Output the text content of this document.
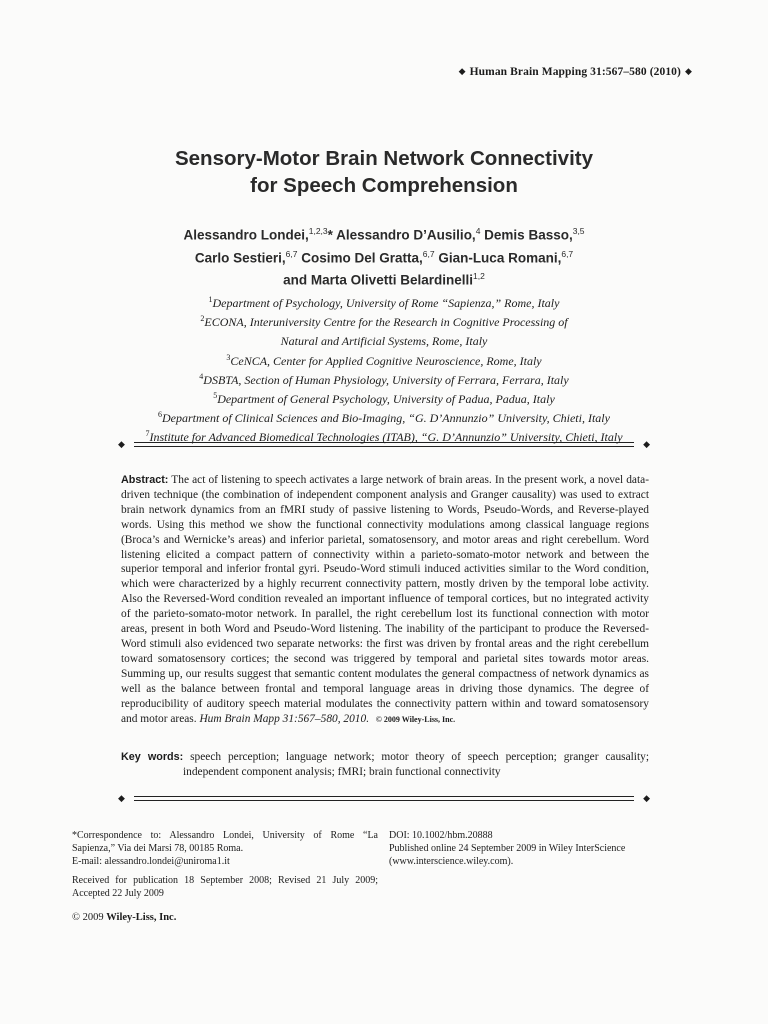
◆ Human Brain Mapping 31:567–580 (2010) ◆
Sensory-Motor Brain Network Connectivity
for Speech Comprehension
Alessandro Londei,$^{1,2,3}$* Alessandro D’Ausilio,$^4$ Demis Basso,$^{3,5}$
Carlo Sestieri,$^{6,7}$ Cosimo Del Gratta,$^{6,7}$ Gian-Luca Romani,$^{6,7}$
and Marta Olivetti Belardinelli$^{1,2}$
$^1$Department of Psychology, University of Rome “Sapienza,” Rome, Italy
$^2$ECONA, Interuniversity Centre for the Research in Cognitive Processing of
Natural and Artificial Systems, Rome, Italy
$^3$CeNCA, Center for Applied Cognitive Neuroscience, Rome, Italy
$^4$DSBTA, Section of Human Physiology, University of Ferrara, Ferrara, Italy
$^5$Department of General Psychology, University of Padua, Padua, Italy
$^6$Department of Clinical Sciences and Bio-Imaging, “G. D’Annunzio” University, Chieti, Italy
$^7$Institute for Advanced Biomedical Technologies (ITAB), “G. D’Annunzio” University, Chieti, Italy
◆	◆
Abstract: The act of listening to speech activates a large network of brain areas. In the present work, a novel data-driven technique (the combination of independent component analysis and Granger causality) was used to extract brain network dynamics from an fMRI study of passive listening to Words, Pseudo-Words, and Reverse-played words. Using this method we show the functional connectivity modulations among classical language regions (Broca’s and Wernicke’s areas) and inferior parietal, somatosensory, and motor areas and right cerebellum. Word listening elicited a compact pattern of connectivity within a parieto-somato-motor network and between the superior temporal and inferior frontal gyri. Pseudo-Word stimuli induced activities similar to the Word condition, which were characterized by a highly recurrent connectivity pattern, mostly driven by the temporal lobe activity. Also the Reversed-Word condition revealed an important influence of temporal cortices, but no integrated activity of the parieto-somato-motor network. In parallel, the right cerebellum lost its functional connection with motor areas, present in both Word and Pseudo-Word listening. The inability of the participant to produce the Reversed-Word stimuli also evidenced two separate networks: the first was driven by frontal areas and the right cerebellum toward somatosensory cortices; the second was triggered by temporal and parietal sites towards motor areas. Summing up, our results suggest that semantic content modulates the general compactness of network dynamics as well as the balance between frontal and temporal language areas in driving those dynamics. The degree of reproducibility of auditory speech material modulates the connectivity pattern within and toward somatosensory and motor areas. Hum Brain Mapp 31:567–580, 2010. © 2009 Wiley-Liss, Inc.
Key words: speech perception; language network; motor theory of speech perception; granger causality; independent component analysis; fMRI; brain functional connectivity
◆	◆

*Correspondence to: Alessandro Londei, University of Rome “La Sapienza,” Via dei Marsi 78, 00185 Roma.

E-mail: alessandro.londei@uniroma1.it

Received for publication 18 September 2008; Revised 21 July 2009; Accepted 22 July 2009

DOI: 10.1002/hbm.20888

Published online 24 September 2009 in Wiley InterScience (www.interscience.wiley.com).

© 2009 Wiley-Liss, Inc.
